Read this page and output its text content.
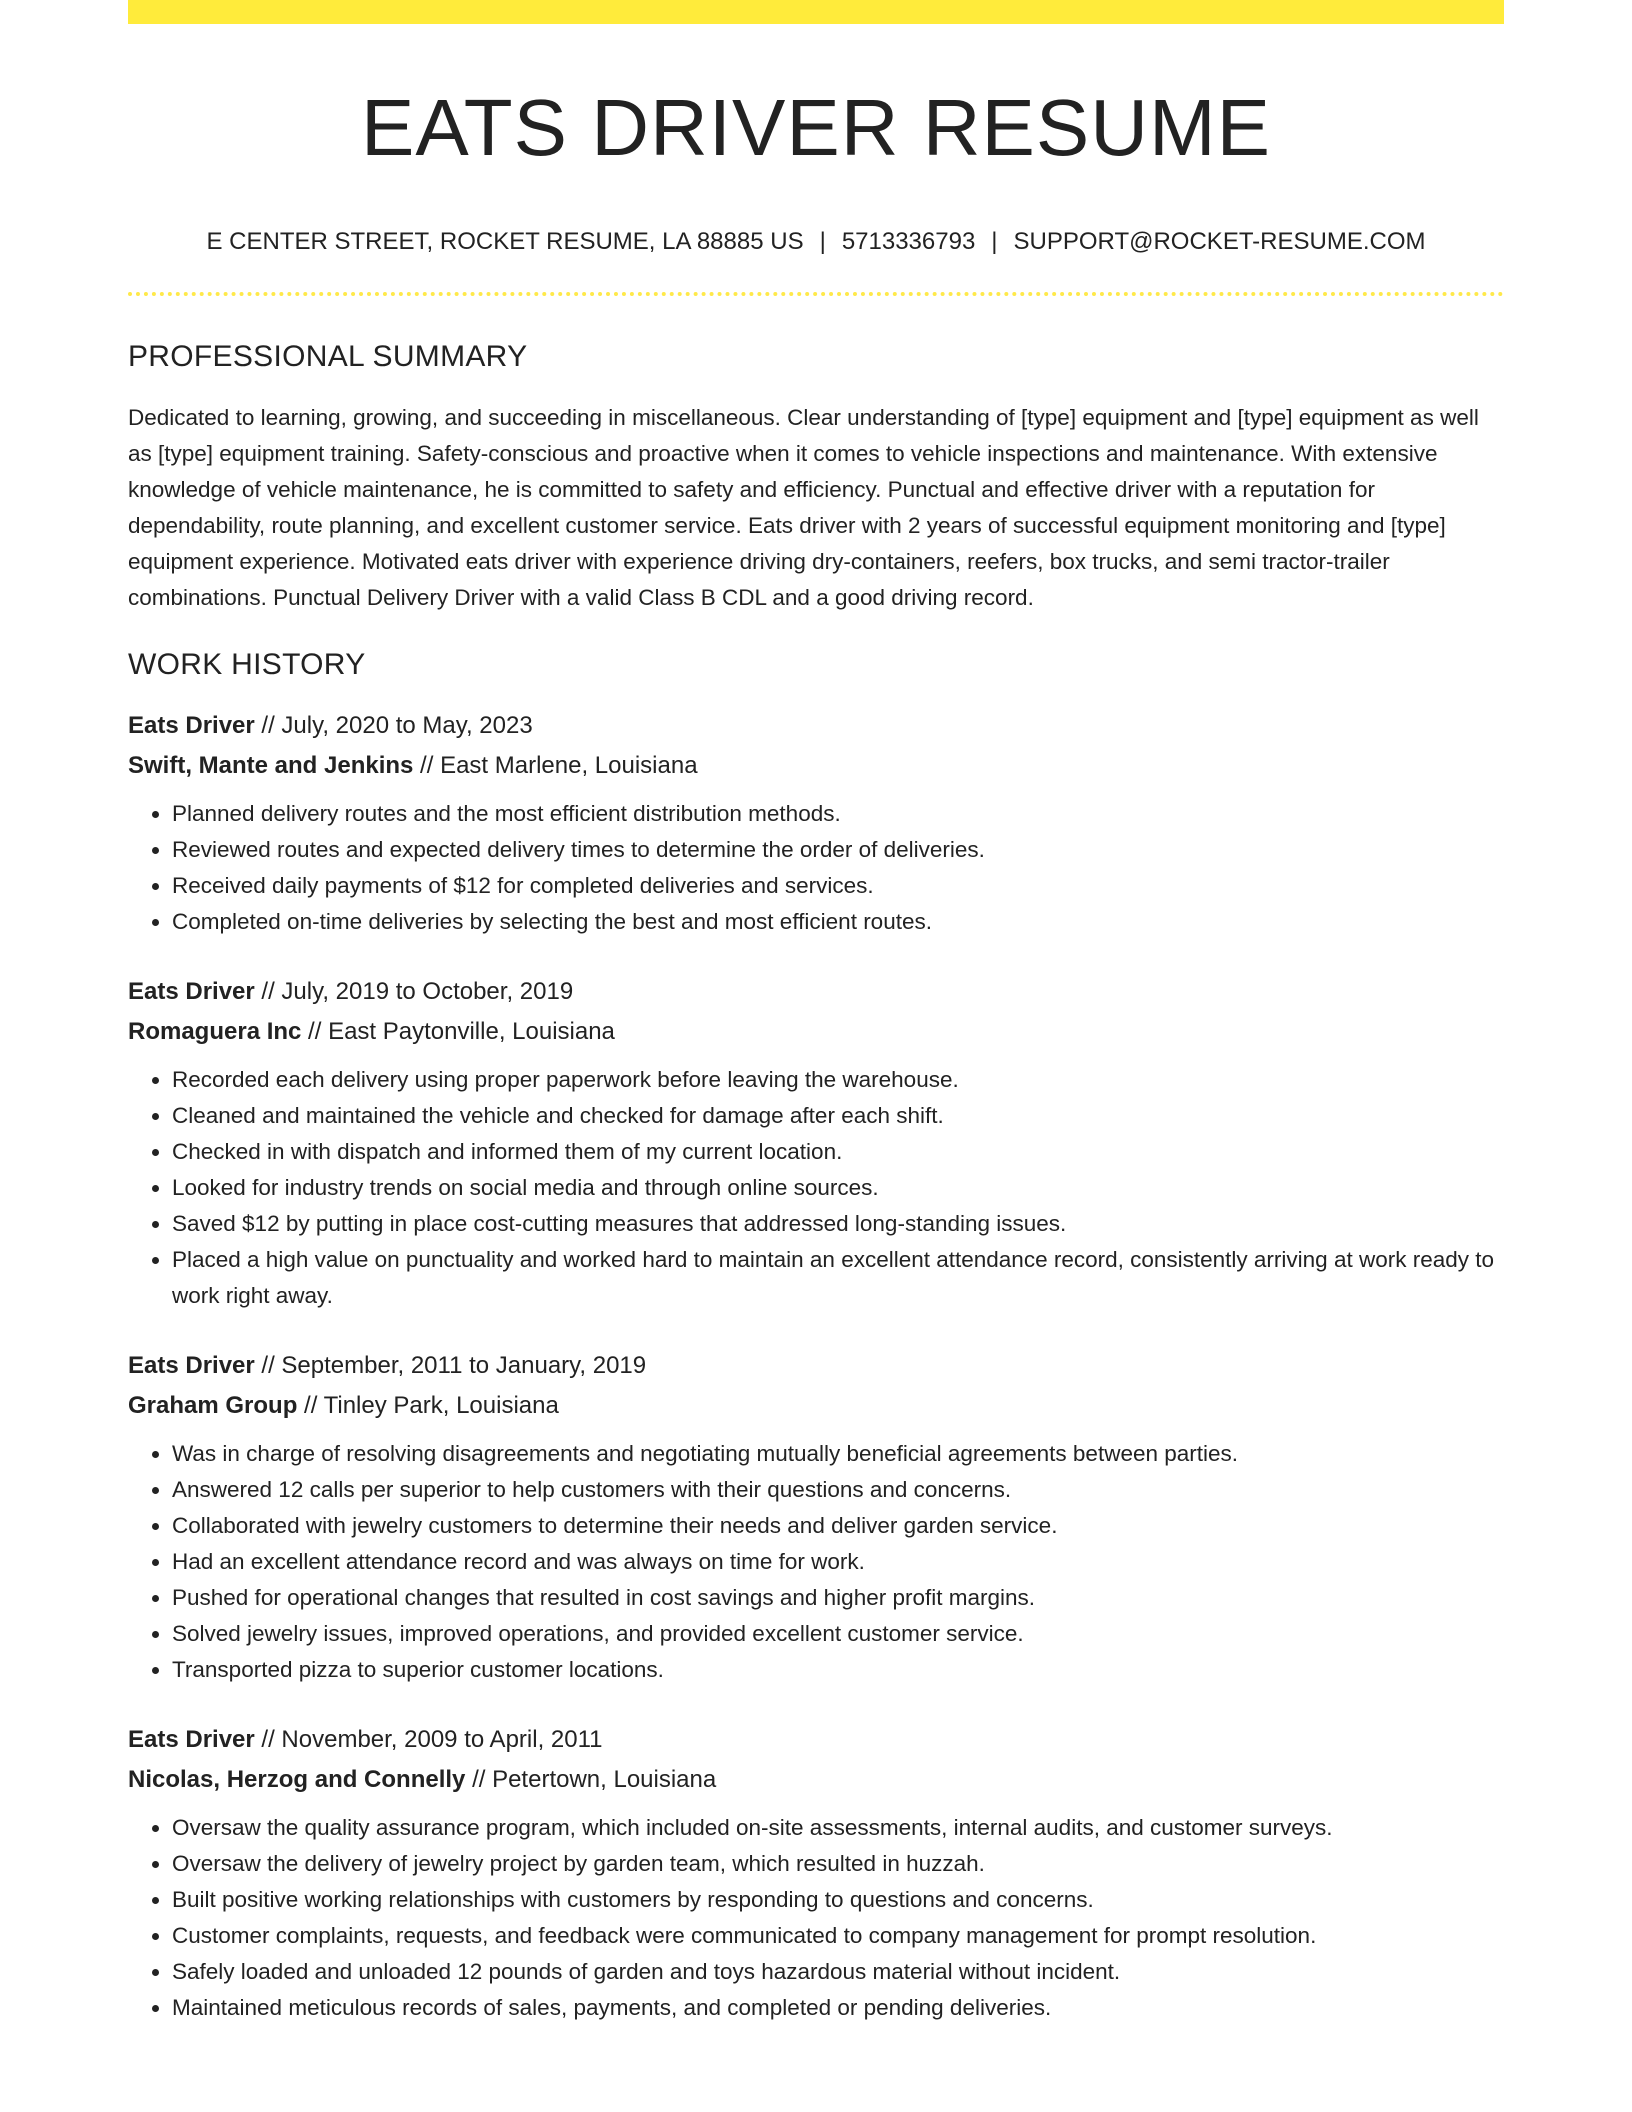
EATS DRIVER RESUME
E CENTER STREET, ROCKET RESUME, LA 88885 US | 5713336793 | SUPPORT@ROCKET-RESUME.COM
PROFESSIONAL SUMMARY

Dedicated to learning, growing, and succeeding in miscellaneous. Clear understanding of [type] equipment and [type] equipment as well as [type] equipment training. Safety-conscious and proactive when it comes to vehicle inspections and maintenance. With extensive knowledge of vehicle maintenance, he is committed to safety and efficiency. Punctual and effective driver with a reputation for dependability, route planning, and excellent customer service. Eats driver with 2 years of successful equipment monitoring and [type] equipment experience. Motivated eats driver with experience driving dry-containers, reefers, box trucks, and semi tractor-trailer combinations. Punctual Delivery Driver with a valid Class B CDL and a good driving record.

WORK HISTORY
Eats Driver // July, 2020 to May, 2023
Swift, Mante and Jenkins // East Marlene, Louisiana
• Planned delivery routes and the most efficient distribution methods.
• Reviewed routes and expected delivery times to determine the order of deliveries.
• Received daily payments of $12 for completed deliveries and services.
• Completed on-time deliveries by selecting the best and most efficient routes.
Eats Driver // July, 2019 to October, 2019
Romaguera Inc // East Paytonville, Louisiana
• Recorded each delivery using proper paperwork before leaving the warehouse.
• Cleaned and maintained the vehicle and checked for damage after each shift.
• Checked in with dispatch and informed them of my current location.
• Looked for industry trends on social media and through online sources.
• Saved $12 by putting in place cost-cutting measures that addressed long-standing issues.
• Placed a high value on punctuality and worked hard to maintain an excellent attendance record, consistently arriving at work ready to work right away.
Eats Driver // September, 2011 to January, 2019
Graham Group // Tinley Park, Louisiana
• Was in charge of resolving disagreements and negotiating mutually beneficial agreements between parties.
• Answered 12 calls per superior to help customers with their questions and concerns.
• Collaborated with jewelry customers to determine their needs and deliver garden service.
• Had an excellent attendance record and was always on time for work.
• Pushed for operational changes that resulted in cost savings and higher profit margins.
• Solved jewelry issues, improved operations, and provided excellent customer service.
• Transported pizza to superior customer locations.
Eats Driver // November, 2009 to April, 2011
Nicolas, Herzog and Connelly // Petertown, Louisiana
• Oversaw the quality assurance program, which included on-site assessments, internal audits, and customer surveys.
• Oversaw the delivery of jewelry project by garden team, which resulted in huzzah.
• Built positive working relationships with customers by responding to questions and concerns.
• Customer complaints, requests, and feedback were communicated to company management for prompt resolution.
• Safely loaded and unloaded 12 pounds of garden and toys hazardous material without incident.
• Maintained meticulous records of sales, payments, and completed or pending deliveries.
